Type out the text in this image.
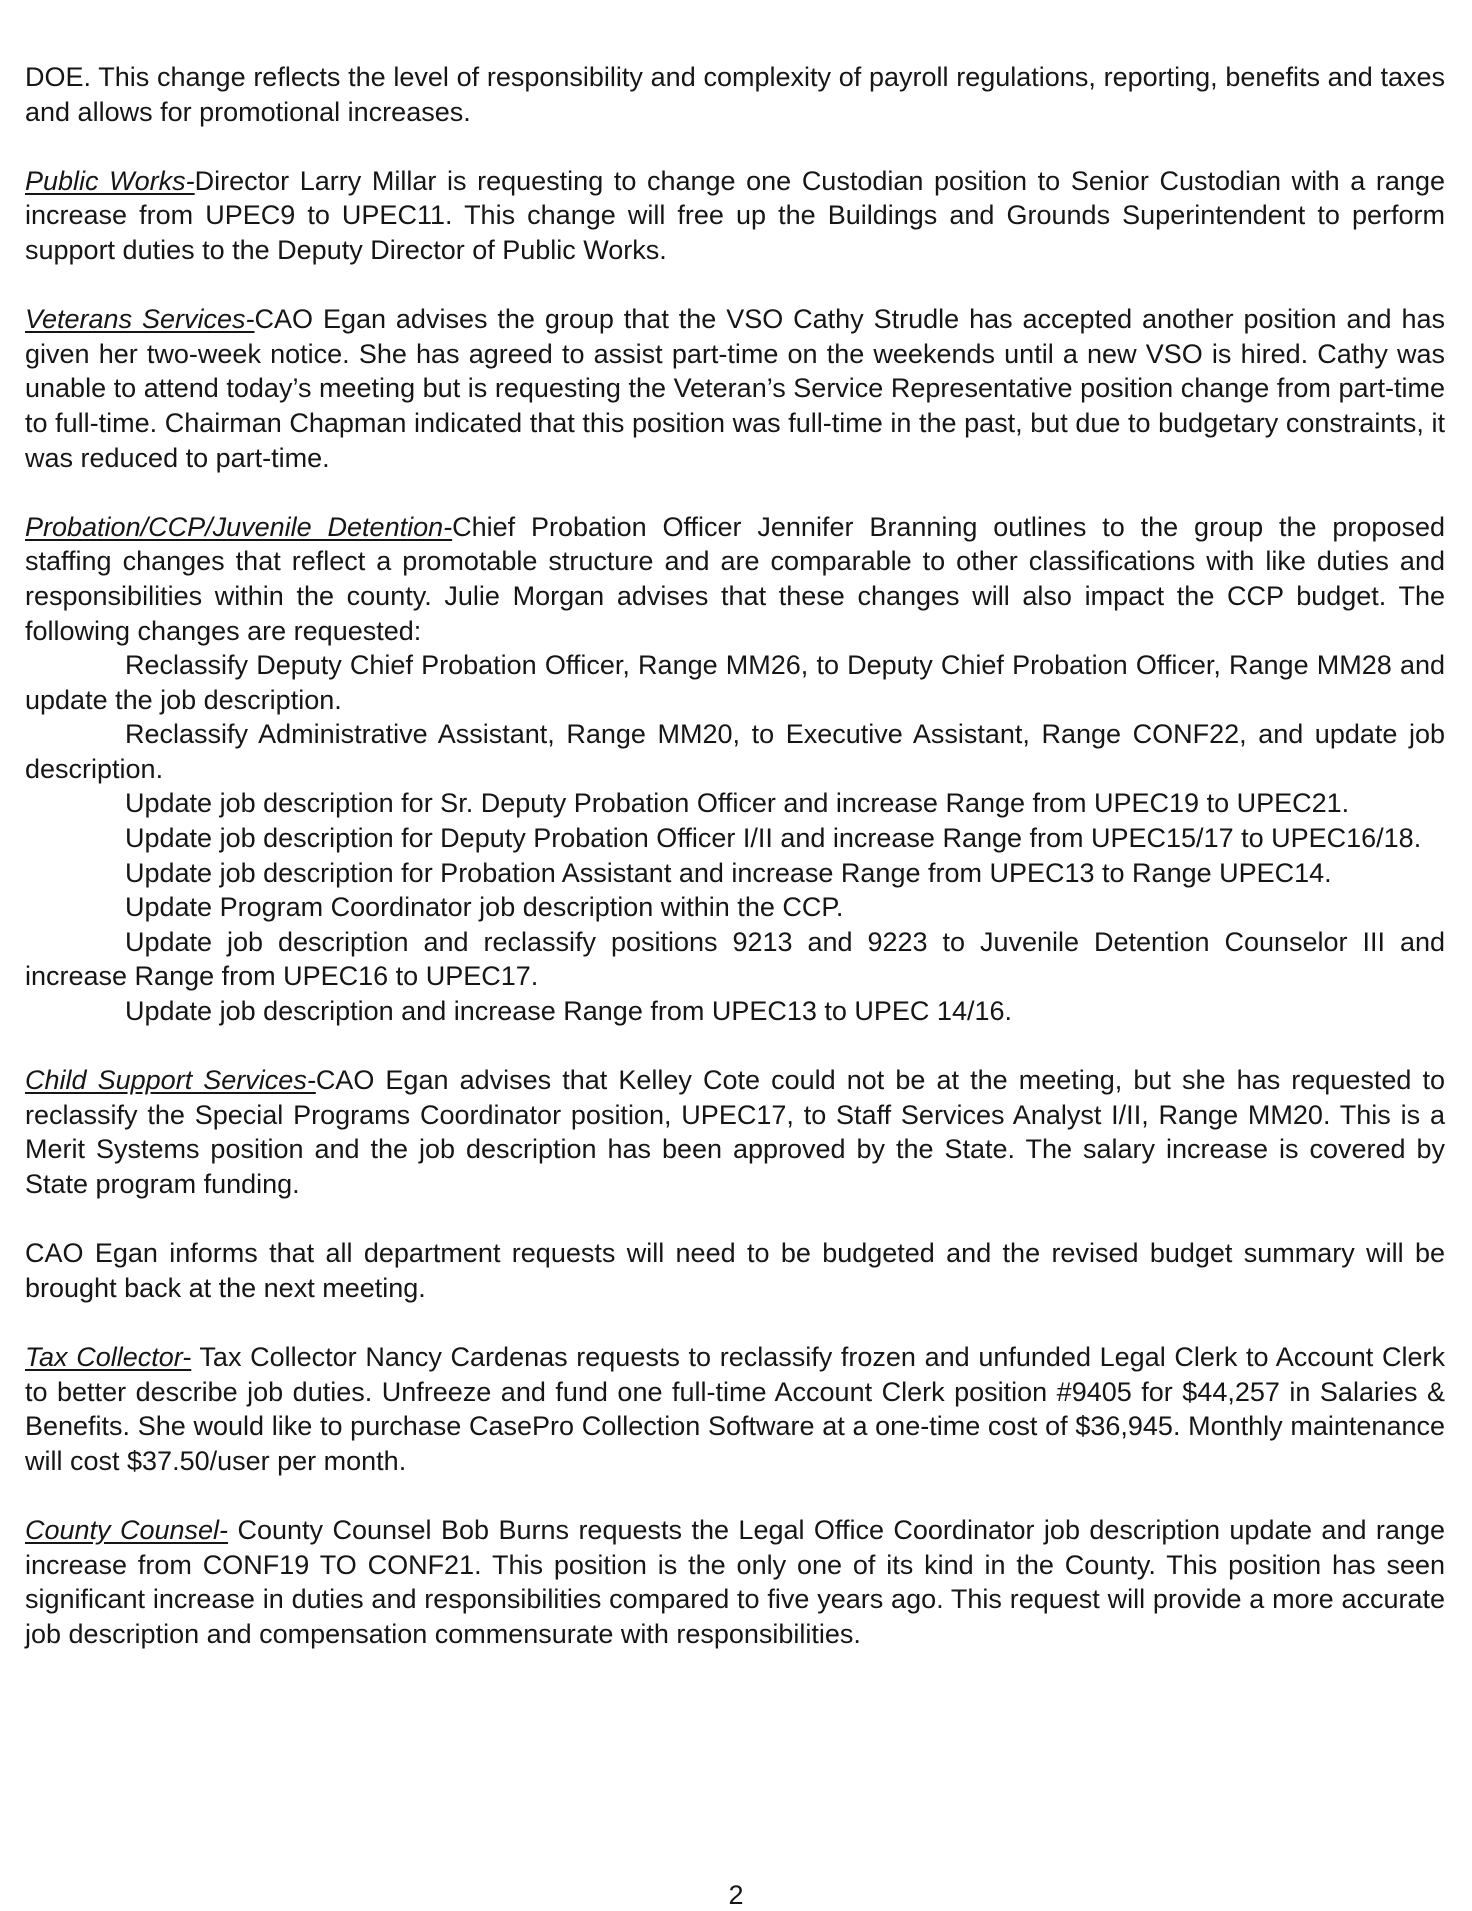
DOE. This change reflects the level of responsibility and complexity of payroll regulations, reporting, benefits and taxes and allows for promotional increases.

Public Works-Director Larry Millar is requesting to change one Custodian position to Senior Custodian with a range increase from UPEC9 to UPEC11. This change will free up the Buildings and Grounds Superintendent to perform support duties to the Deputy Director of Public Works.

Veterans Services-CAO Egan advises the group that the VSO Cathy Strudle has accepted another position and has given her two-week notice. She has agreed to assist part-time on the weekends until a new VSO is hired. Cathy was unable to attend today’s meeting but is requesting the Veteran’s Service Representative position change from part-time to full-time. Chairman Chapman indicated that this position was full-time in the past, but due to budgetary constraints, it was reduced to part-time.

Probation/CCP/Juvenile Detention-Chief Probation Officer Jennifer Branning outlines to the group the proposed staffing changes that reflect a promotable structure and are comparable to other classifications with like duties and responsibilities within the county. Julie Morgan advises that these changes will also impact the CCP budget. The following changes are requested:

Reclassify Deputy Chief Probation Officer, Range MM26, to Deputy Chief Probation Officer, Range MM28 and update the job description.

Reclassify Administrative Assistant, Range MM20, to Executive Assistant, Range CONF22, and update job description.

Update job description for Sr. Deputy Probation Officer and increase Range from UPEC19 to UPEC21.

Update job description for Deputy Probation Officer I/II and increase Range from UPEC15/17 to UPEC16/18.

Update job description for Probation Assistant and increase Range from UPEC13 to Range UPEC14.

Update Program Coordinator job description within the CCP.

Update job description and reclassify positions 9213 and 9223 to Juvenile Detention Counselor III and increase Range from UPEC16 to UPEC17.

Update job description and increase Range from UPEC13 to UPEC 14/16.

Child Support Services-CAO Egan advises that Kelley Cote could not be at the meeting, but she has requested to reclassify the Special Programs Coordinator position, UPEC17, to Staff Services Analyst I/II, Range MM20. This is a Merit Systems position and the job description has been approved by the State. The salary increase is covered by State program funding.

CAO Egan informs that all department requests will need to be budgeted and the revised budget summary will be brought back at the next meeting.

Tax Collector- Tax Collector Nancy Cardenas requests to reclassify frozen and unfunded Legal Clerk to Account Clerk to better describe job duties. Unfreeze and fund one full-time Account Clerk position #9405 for $44,257 in Salaries & Benefits. She would like to purchase CasePro Collection Software at a one-time cost of $36,945. Monthly maintenance will cost $37.50/user per month.

County Counsel- County Counsel Bob Burns requests the Legal Office Coordinator job description update and range increase from CONF19 TO CONF21. This position is the only one of its kind in the County. This position has seen significant increase in duties and responsibilities compared to five years ago. This request will provide a more accurate job description and compensation commensurate with responsibilities.

2
